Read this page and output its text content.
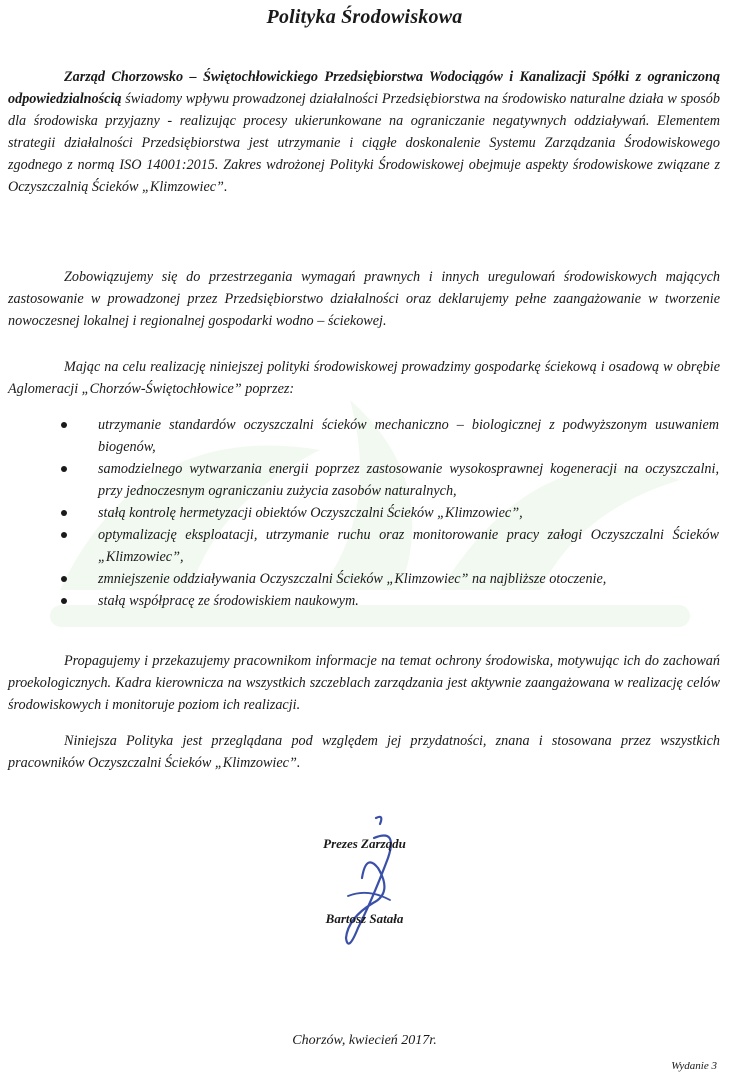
Polityka Środowiskowa

Zarząd Chorzowsko – Świętochłowickiego Przedsiębiorstwa Wodociągów i Kanalizacji Spółki z ograniczoną odpowiedzialnością świadomy wpływu prowadzonej działalności Przedsiębiorstwa na środowisko naturalne działa w sposób dla środowiska przyjazny - realizując procesy ukierunkowane na ograniczanie negatywnych oddziaływań. Elementem strategii działalności Przedsiębiorstwa jest utrzymanie i ciągłe doskonalenie Systemu Zarządzania Środowiskowego zgodnego z normą ISO 14001:2015. Zakres wdrożonej Polityki Środowiskowej obejmuje aspekty środowiskowe związane z Oczyszczalnią Ścieków „Klimzowiec”.

Zobowiązujemy się do przestrzegania wymagań prawnych i innych uregulowań środowiskowych mających zastosowanie w prowadzonej przez Przedsiębiorstwo działalności oraz deklarujemy pełne zaangażowanie w tworzenie nowoczesnej lokalnej i regionalnej gospodarki wodno – ściekowej.

Mając na celu realizację niniejszej polityki środowiskowej prowadzimy gospodarkę ściekową i osadową w obrębie Aglomeracji „Chorzów-Świętochłowice” poprzez:

utrzymanie standardów oczyszczalni ścieków mechaniczno – biologicznej z podwyższonym usuwaniem biogenów,
samodzielnego wytwarzania energii poprzez zastosowanie wysokosprawnej kogeneracji na oczyszczalni, przy jednoczesnym ograniczaniu zużycia zasobów naturalnych,
stałą kontrolę hermetyzacji obiektów Oczyszczalni Ścieków „Klimzowiec”,
optymalizację eksploatacji, utrzymanie ruchu oraz monitorowanie pracy załogi Oczyszczalni Ścieków „Klimzowiec”,
zmniejszenie oddziaływania Oczyszczalni Ścieków „Klimzowiec” na najbliższe otoczenie,
stałą współpracę ze środowiskiem naukowym.

Propagujemy i przekazujemy pracownikom informacje na temat ochrony środowiska, motywując ich do zachowań proekologicznych. Kadra kierownicza na wszystkich szczeblach zarządzania jest aktywnie zaangażowana w realizację celów środowiskowych i monitoruje poziom ich realizacji.

Niniejsza Polityka jest przeglądana pod względem jej przydatności, znana i stosowana przez wszystkich pracowników Oczyszczalni Ścieków „Klimzowiec”.

Prezes Zarządu
Bartosz Satała
Chorzów, kwiecień 2017r.
Wydanie 3
